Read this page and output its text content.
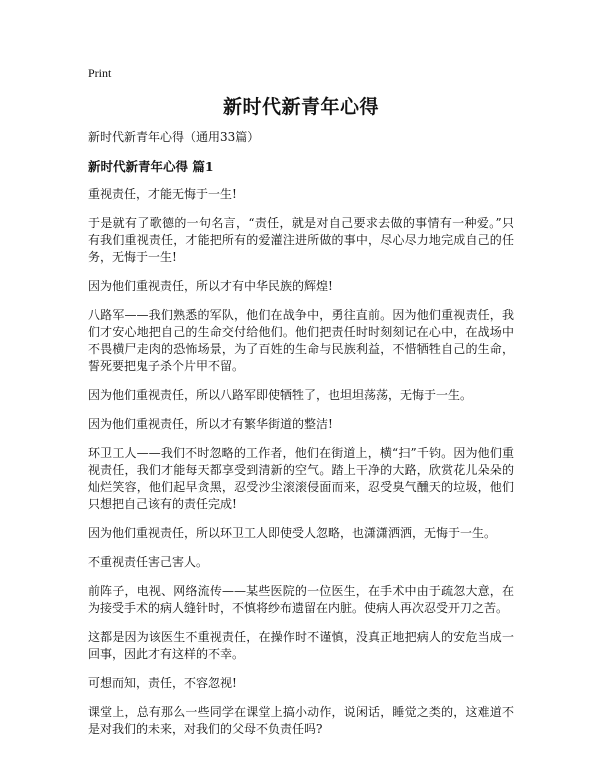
Print
新时代新青年心得
新时代新青年心得（通用33篇）
新时代新青年心得 篇1

重视责任，才能无悔于一生!

于是就有了歌德的一句名言，“责任，就是对自己要求去做的事情有一种爱。”只有我们重视责任，才能把所有的爱灌注进所做的事中，尽心尽力地完成自己的任务，无悔于一生!

因为他们重视责任，所以才有中华民族的辉煌!

八路军——我们熟悉的军队，他们在战争中，勇往直前。因为他们重视责任，我们才安心地把自己的生命交付给他们。他们把责任时时刻刻记在心中，在战场中不畏横尸走肉的恐怖场景，为了百姓的生命与民族利益，不惜牺牲自己的生命，誓死要把鬼子杀个片甲不留。

因为他们重视责任，所以八路军即使牺牲了，也坦坦荡荡，无悔于一生。

因为他们重视责任，所以才有繁华街道的整洁!

环卫工人——我们不时忽略的工作者，他们在街道上，横“扫”千钧。因为他们重视责任，我们才能每天都享受到清新的空气。踏上干净的大路，欣赏花儿朵朵的灿烂笑容，他们起早贪黑，忍受沙尘滚滚侵面而来，忍受臭气醺天的垃圾，他们只想把自己该有的责任完成!

因为他们重视责任，所以环卫工人即使受人忽略，也潇潇洒洒，无悔于一生。

不重视责任害己害人。

前阵子，电视、网络流传——某些医院的一位医生，在手术中由于疏忽大意，在为接受手术的病人缝针时，不慎将纱布遗留在内脏。使病人再次忍受开刀之苦。

这都是因为该医生不重视责任，在操作时不谨慎，没真正地把病人的安危当成一回事，因此才有这样的不幸。

可想而知，责任，不容忽视!

课堂上，总有那么一些同学在课堂上搞小动作，说闲话，睡觉之类的，这难道不是对我们的未来，对我们的父母不负责任吗?
